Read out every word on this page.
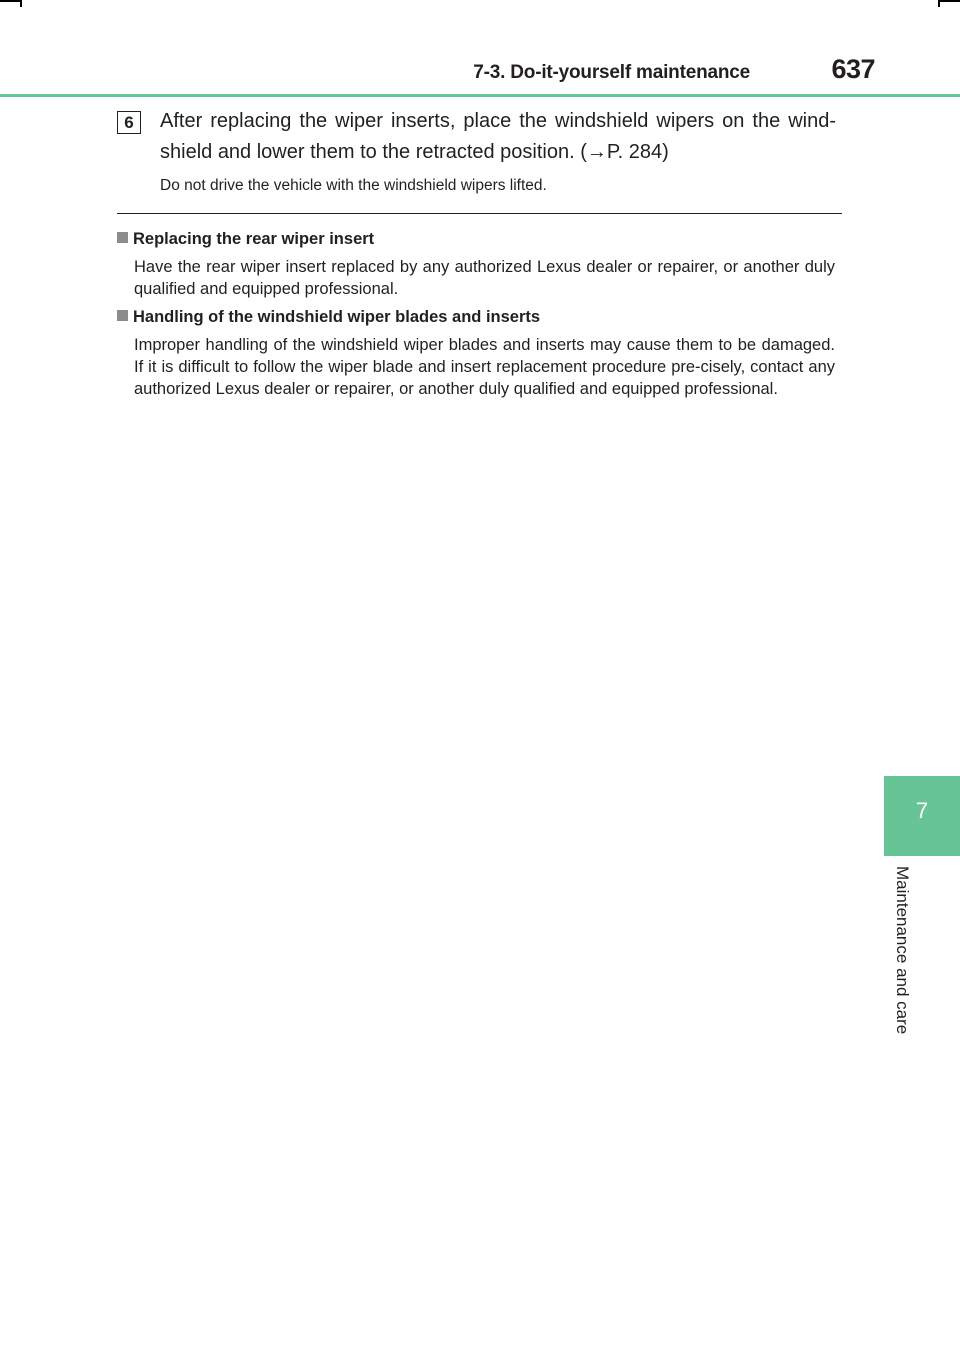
7-3. Do-it-yourself maintenance	637
6	After replacing the wiper inserts, place the windshield wipers on the wind-shield and lower them to the retracted position. (→P. 284)
Do not drive the vehicle with the windshield wipers lifted.
Replacing the rear wiper insert
Have the rear wiper insert replaced by any authorized Lexus dealer or repairer, or another duly qualified and equipped professional.
Handling of the windshield wiper blades and inserts
Improper handling of the windshield wiper blades and inserts may cause them to be damaged. If it is difficult to follow the wiper blade and insert replacement procedure pre-cisely, contact any authorized Lexus dealer or repairer, or another duly qualified and equipped professional.
7
Maintenance and care
